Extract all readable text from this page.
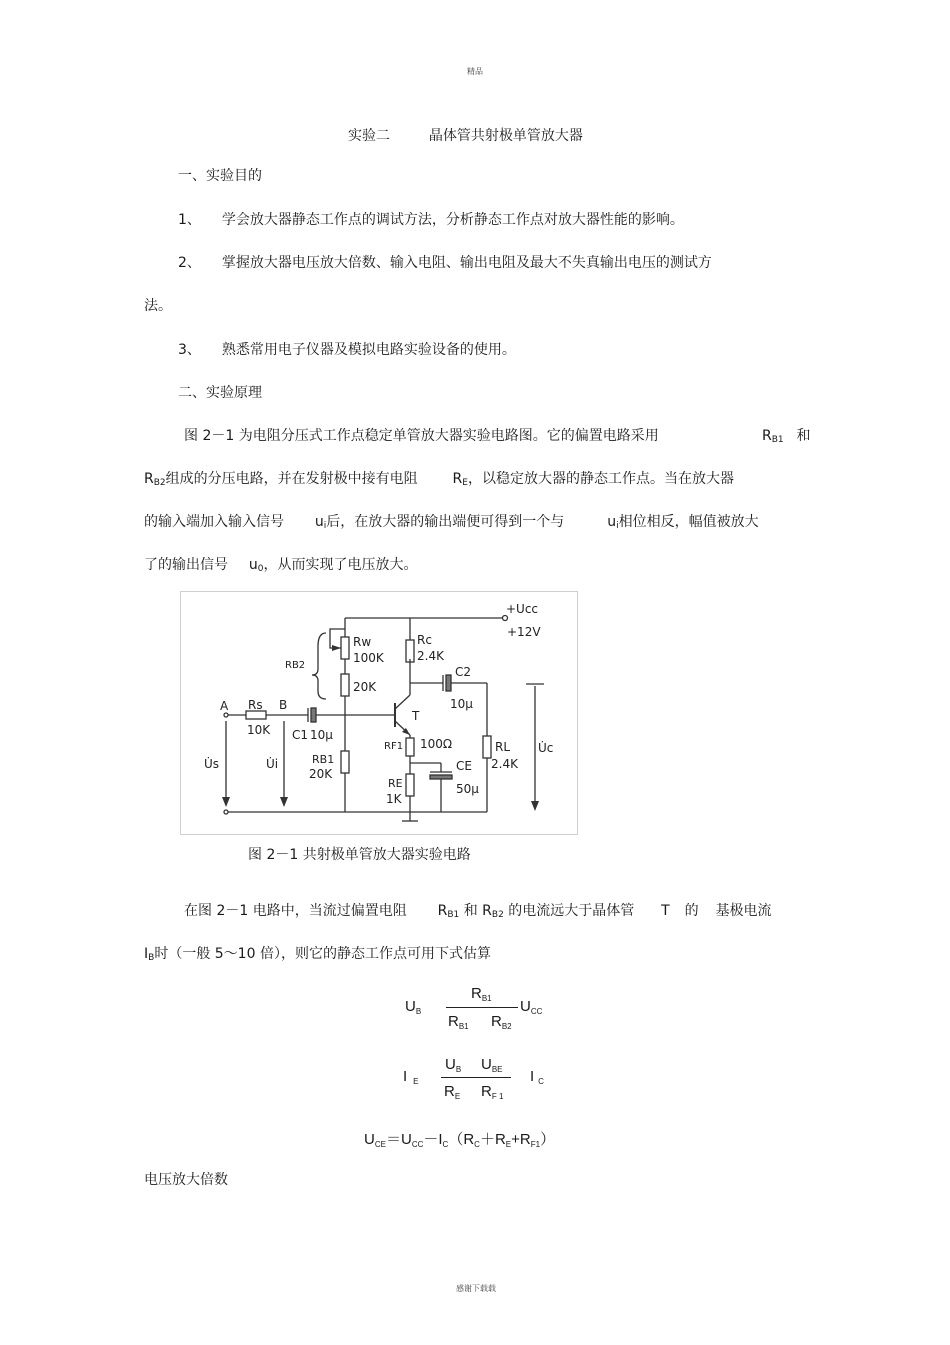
精品
感谢下载载
实验二	晶体管共射极单管放大器
一、实验目的
1、 学会放大器静态工作点的调试方法，分析静态工作点对放大器性能的影响。
2、 掌握放大器电压放大倍数、输入电阻、输出电阻及最大不失真输出电压的测试方
法。
3、 熟悉常用电子仪器及模拟电路实验设备的使用。
二、实验原理
图 2－1 为电阻分压式工作点稳定单管放大器实验电路图。它的偏置电路采用	$R_{B1}$ 和
$R_{B2}$组成的分压电路，并在发射极中接有电阻 $R_E$，以稳定放大器的静态工作点。当在放大器
的输入端加入输入信号 $u_i$后，在放大器的输出端便可得到一个与	$u_i$相位相反，幅值被放大
了的输出信号 $u_0$，从而实现了电压放大。
+Ucc
+12V
Rw
100K
20K
RB2
Rc
2.4K
C2
10μ
A Rs
10K
B
C1 10μ
T
RF1 100Ω	RL
2.4K
U̇c
RB1
20K
CE
50μ
RE
1K
U̇s	U̇i
图 2－1 共射极单管放大器实验电路
在图 2－1 电路中，当流过偏置电阻 $R_{B1}$ 和 $R_{B2}$ 的电流远大于晶体管 T 的 基极电流
$I_B$时（一般 5～10 倍），则它的静态工作点可用下式估算
$U_B$
$R_{B1}$
$R_{B1}$ $R_{B2}$
$U_{CC}$
I $_E$
$U_B$ $U_{BE}$
$R_E$ $R_{F 1}$
I $_C$
$U_{CE}=U_{CC}-I_C(R_C+R_E+R_{F1})$
电压放大倍数
